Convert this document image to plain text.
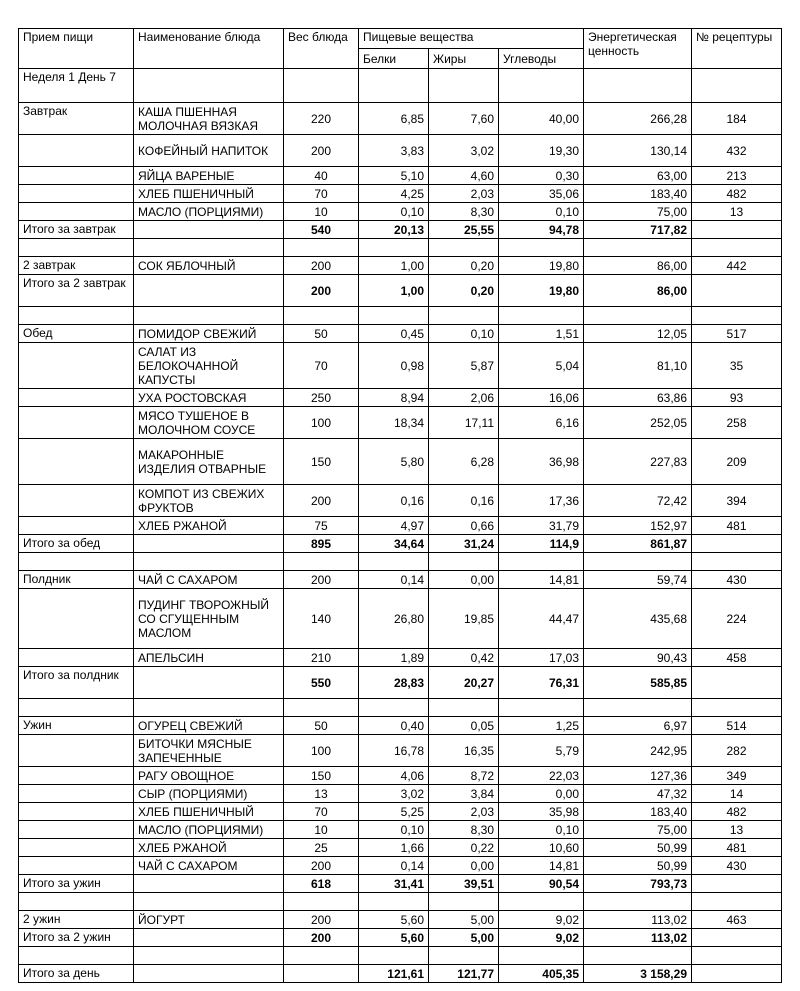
Прием пищи	Наименование блюда	Вес блюда	Пищевые вещества			Энергетическая ценность	№ рецептуры
			Белки	Жиры	Углеводы		
Неделя 1 День 7							
Завтрак	КАША ПШЕННАЯ МОЛОЧНАЯ ВЯЗКАЯ	220	6,85	7,60	40,00	266,28	184
	КОФЕЙНЫЙ НАПИТОК	200	3,83	3,02	19,30	130,14	432
	ЯЙЦА ВАРЕНЫЕ	40	5,10	4,60	0,30	63,00	213
	ХЛЕБ ПШЕНИЧНЫЙ	70	4,25	2,03	35,06	183,40	482
	МАСЛО (ПОРЦИЯМИ)	10	0,10	8,30	0,10	75,00	13
Итого за завтрак		540	20,13	25,55	94,78	717,82	

2 завтрак	СОК ЯБЛОЧНЫЙ	200	1,00	0,20	19,80	86,00	442
Итого за 2 завтрак		200	1,00	0,20	19,80	86,00	

Обед	ПОМИДОР СВЕЖИЙ	50	0,45	0,10	1,51	12,05	517
	САЛАТ ИЗ БЕЛОКОЧАННОЙ КАПУСТЫ	70	0,98	5,87	5,04	81,10	35
	УХА РОСТОВСКАЯ	250	8,94	2,06	16,06	63,86	93
	МЯСО ТУШЕНОЕ В МОЛОЧНОМ СОУСЕ	100	18,34	17,11	6,16	252,05	258
	МАКАРОННЫЕ ИЗДЕЛИЯ ОТВАРНЫЕ	150	5,80	6,28	36,98	227,83	209
	КОМПОТ ИЗ СВЕЖИХ ФРУКТОВ	200	0,16	0,16	17,36	72,42	394
	ХЛЕБ РЖАНОЙ	75	4,97	0,66	31,79	152,97	481
Итого за обед		895	34,64	31,24	114,9	861,87	

Полдник	ЧАЙ С САХАРОМ	200	0,14	0,00	14,81	59,74	430
	ПУДИНГ ТВОРОЖНЫЙ СО СГУЩЕННЫМ МАСЛОМ	140	26,80	19,85	44,47	435,68	224
	АПЕЛЬСИН	210	1,89	0,42	17,03	90,43	458
Итого за полдник		550	28,83	20,27	76,31	585,85	

Ужин	ОГУРЕЦ СВЕЖИЙ	50	0,40	0,05	1,25	6,97	514
	БИТОЧКИ МЯСНЫЕ ЗАПЕЧЕННЫЕ	100	16,78	16,35	5,79	242,95	282
	РАГУ ОВОЩНОЕ	150	4,06	8,72	22,03	127,36	349
	СЫР (ПОРЦИЯМИ)	13	3,02	3,84	0,00	47,32	14
	ХЛЕБ ПШЕНИЧНЫЙ	70	5,25	2,03	35,98	183,40	482
	МАСЛО (ПОРЦИЯМИ)	10	0,10	8,30	0,10	75,00	13
	ХЛЕБ РЖАНОЙ	25	1,66	0,22	10,60	50,99	481
	ЧАЙ С САХАРОМ	200	0,14	0,00	14,81	50,99	430
Итого за ужин		618	31,41	39,51	90,54	793,73	

2 ужин	ЙОГУРТ	200	5,60	5,00	9,02	113,02	463
Итого за 2 ужин		200	5,60	5,00	9,02	113,02	

Итого за день			121,61	121,77	405,35	3 158,29	
